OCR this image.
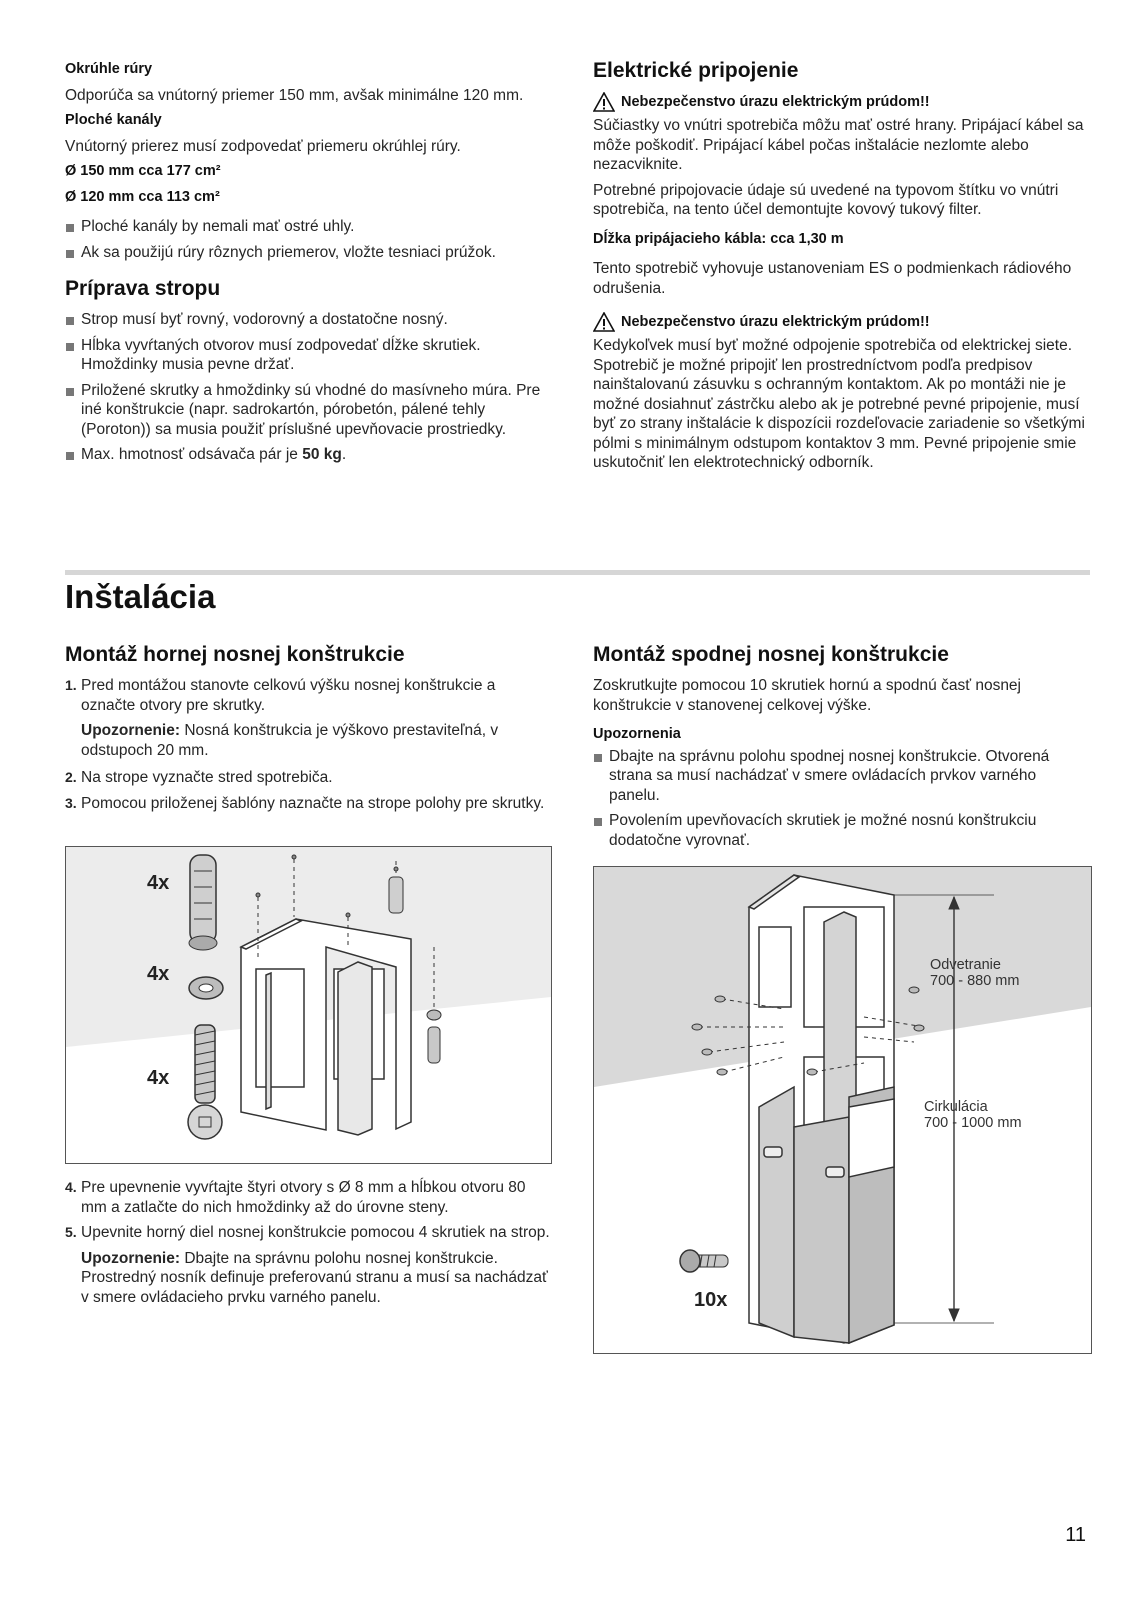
Okrúhle rúry

Odporúča sa vnútorný priemer 150 mm, avšak minimálne 120 mm.

Ploché kanály

Vnútorný prierez musí zodpovedať priemeru okrúhlej rúry.

Ø 150 mm cca 177 cm²

Ø 120 mm cca 113 cm²

Ploché kanály by nemali mať ostré uhly.
Ak sa použijú rúry rôznych priemerov, vložte tesniaci prúžok.
Príprava stropu
Strop musí byť rovný, vodorovný a dostatočne nosný.
Hĺbka vyvŕtaných otvorov musí zodpovedať dĺžke skrutiek. Hmoždinky musia pevne držať.
Priložené skrutky a hmoždinky sú vhodné do masívneho múra. Pre iné konštrukcie (napr. sadrokartón, pórobetón, pálené tehly (Poroton)) sa musia použiť príslušné upevňovacie prostriedky.
Max. hmotnosť odsávača pár je 50 kg.
Elektrické pripojenie
Nebezpečenstvo úrazu elektrickým prúdom!!

Súčiastky vo vnútri spotrebiča môžu mať ostré hrany. Pripájací kábel sa môže poškodiť. Pripájací kábel počas inštalácie nezlomte alebo nezacviknite.

Potrebné pripojovacie údaje sú uvedené na typovom štítku vo vnútri spotrebiča, na tento účel demontujte kovový tukový filter.

Dĺžka pripájacieho kábla: cca 1,30 m

Tento spotrebič vyhovuje ustanoveniam ES o podmienkach rádiového odrušenia.

Nebezpečenstvo úrazu elektrickým prúdom!!

Kedykoľvek musí byť možné odpojenie spotrebiča od elektrickej siete. Spotrebič je možné pripojiť len prostredníctvom podľa predpisov nainštalovanú zásuvku s ochranným kontaktom. Ak po montáži nie je možné dosiahnuť zástrčku alebo ak je potrebné pevné pripojenie, musí byť zo strany inštalácie k dispozícii rozdeľovacie zariadenie so všetkými pólmi s minimálnym odstupom kontaktov 3 mm. Pevné pripojenie smie uskutočniť len elektrotechnický odborník.

Inštalácia
Montáž hornej nosnej konštrukcie
1. Pred montážou stanovte celkovú výšku nosnej konštrukcie a označte otvory pre skrutky.

Upozornenie: Nosná konštrukcia je výškovo prestaviteľná, v odstupoch 20 mm.

2. Na strope vyznačte stred spotrebiča.
3. Pomocou priloženej šablóny naznačte na strope polohy pre skrutky.
4x
4x
4x
4. Pre upevnenie vyvŕtajte štyri otvory s Ø 8 mm a hĺbkou otvoru 80 mm a zatlačte do nich hmoždinky až do úrovne steny.
5. Upevnite horný diel nosnej konštrukcie pomocou 4 skrutiek na strop.

Upozornenie: Dbajte na správnu polohu nosnej konštrukcie. Prostredný nosník definuje preferovanú stranu a musí sa nachádzať v smere ovládacieho prvku varného panelu.

Montáž spodnej nosnej konštrukcie

Zoskrutkujte pomocou 10 skrutiek hornú a spodnú časť nosnej konštrukcie v stanovenej celkovej výške.

Upozornenia

Dbajte na správnu polohu spodnej nosnej konštrukcie. Otvorená strana sa musí nachádzať v smere ovládacích prvkov varného panelu.
Povolením upevňovacích skrutiek je možné nosnú konštrukciu dodatočne vyrovnať.
Odvetranie
700 - 880 mm
Cirkulácia
700 - 1000 mm
10x
11
